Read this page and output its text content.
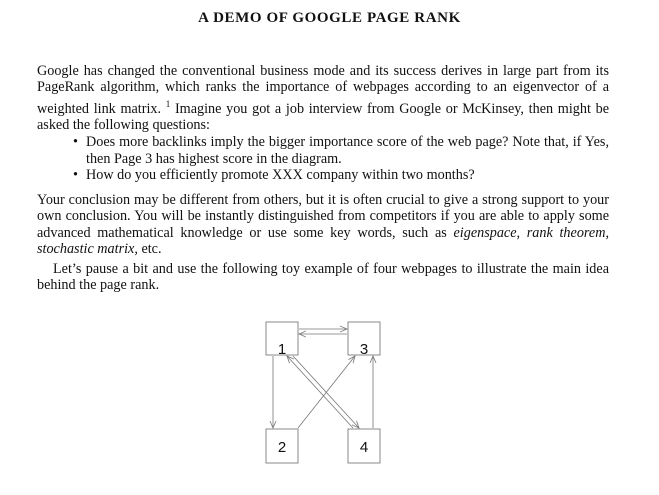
A DEMO OF GOOGLE PAGE RANK
Google has changed the conventional business mode and its success derives in large part from its PageRank algorithm, which ranks the importance of webpages according to an eigenvector of a weighted link matrix. $^1$ Imagine you got a job interview from Google or McKinsey, then might be asked the following questions:
• Does more backlinks imply the bigger importance score of the web page? Note that, if Yes, then Page 3 has highest score in the diagram.
• How do you efficiently promote XXX company within two months?
Your conclusion may be different from others, but it is often crucial to give a strong support to your own conclusion. You will be instantly distinguished from competitors if you are able to apply some advanced mathematical knowledge or use some key words, such as eigenspace, rank theorem, stochastic matrix, etc.
Let’s pause a bit and use the following toy example of four webpages to illustrate the main idea behind the page rank.
1	3
2	4
